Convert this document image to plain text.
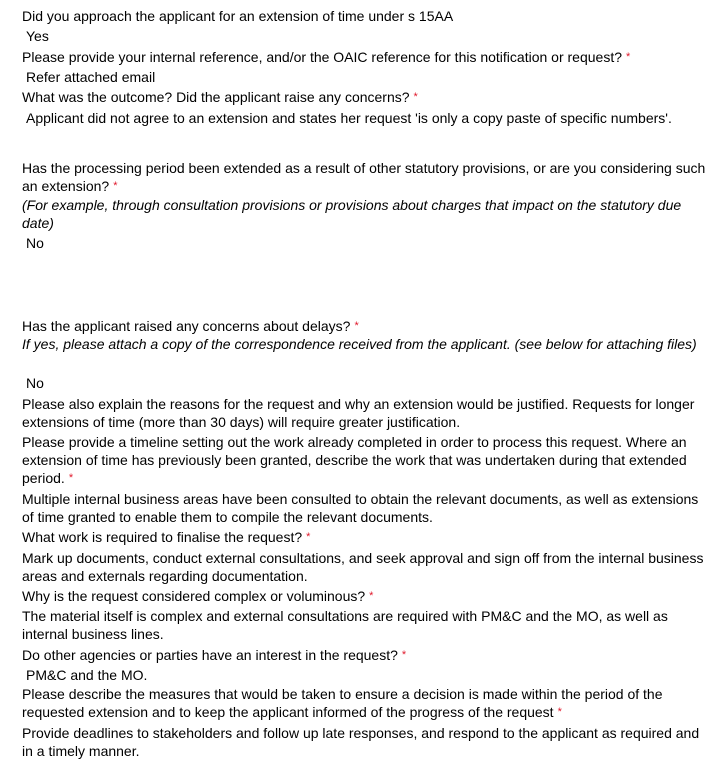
Did you approach the applicant for an extension of time under s 15AA
Yes
Please provide your internal reference, and/or the OAIC reference for this notification or request? *
Refer attached email
What was the outcome? Did the applicant raise any concerns? *
Applicant did not agree to an extension and states her request 'is only a copy paste of specific numbers'.
Has the processing period been extended as a result of other statutory provisions, or are you considering such an extension? *
(For example, through consultation provisions or provisions about charges that impact on the statutory due date)
No
Has the applicant raised any concerns about delays? *
If yes, please attach a copy of the correspondence received from the applicant. (see below for attaching files)
No
Please also explain the reasons for the request and why an extension would be justified. Requests for longer extensions of time (more than 30 days) will require greater justification.
Please provide a timeline setting out the work already completed in order to process this request. Where an extension of time has previously been granted, describe the work that was undertaken during that extended period. *
Multiple internal business areas have been consulted to obtain the relevant documents, as well as extensions of time granted to enable them to compile the relevant documents.
What work is required to finalise the request? *
Mark up documents, conduct external consultations, and seek approval and sign off from the internal business areas and externals regarding documentation.
Why is the request considered complex or voluminous? *
The material itself is complex and external consultations are required with PM&C and the MO, as well as internal business lines.
Do other agencies or parties have an interest in the request? *
PM&C and the MO.
Please describe the measures that would be taken to ensure a decision is made within the period of the requested extension and to keep the applicant informed of the progress of the request *
Provide deadlines to stakeholders and follow up late responses, and respond to the applicant as required and in a timely manner.
